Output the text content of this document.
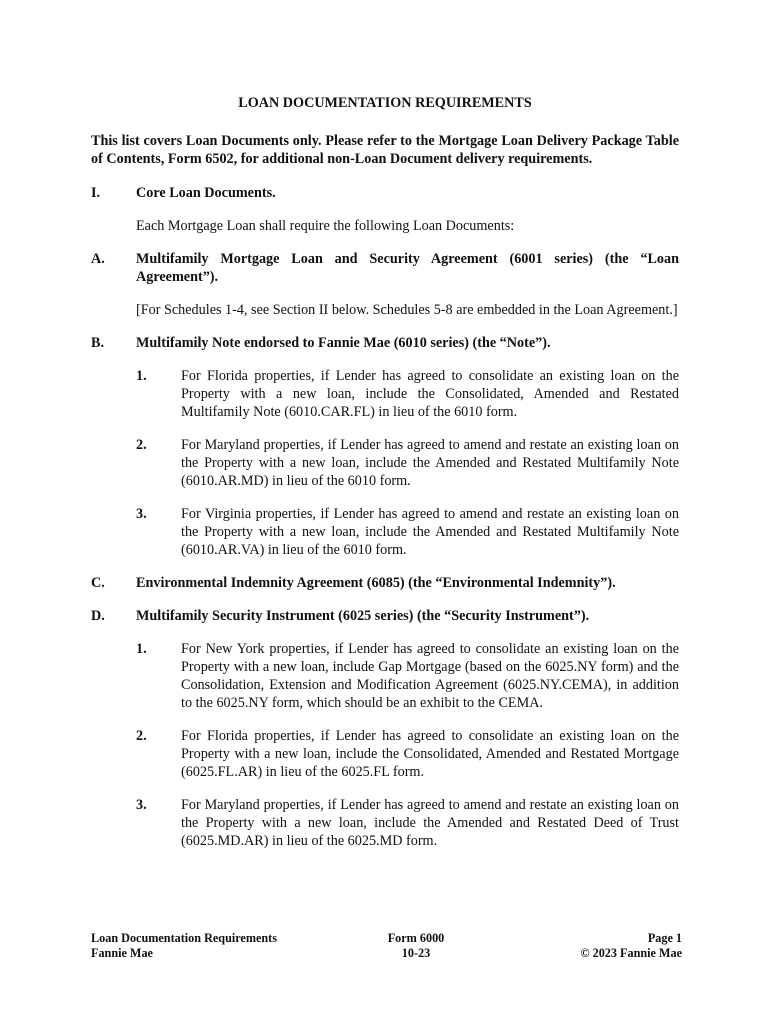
LOAN DOCUMENTATION REQUIREMENTS
This list covers Loan Documents only. Please refer to the Mortgage Loan Delivery Package Table of Contents, Form 6502, for additional non-Loan Document delivery requirements.
I.	Core Loan Documents.
Each Mortgage Loan shall require the following Loan Documents:
A. Multifamily Mortgage Loan and Security Agreement (6001 series) (the “Loan Agreement”).
[For Schedules 1-4, see Section II below. Schedules 5-8 are embedded in the Loan Agreement.]
B. Multifamily Note endorsed to Fannie Mae (6010 series) (the “Note”).
1. For Florida properties, if Lender has agreed to consolidate an existing loan on the Property with a new loan, include the Consolidated, Amended and Restated Multifamily Note (6010.CAR.FL) in lieu of the 6010 form.
2. For Maryland properties, if Lender has agreed to amend and restate an existing loan on the Property with a new loan, include the Amended and Restated Multifamily Note (6010.AR.MD) in lieu of the 6010 form.
3. For Virginia properties, if Lender has agreed to amend and restate an existing loan on the Property with a new loan, include the Amended and Restated Multifamily Note (6010.AR.VA) in lieu of the 6010 form.
C. Environmental Indemnity Agreement (6085) (the “Environmental Indemnity”).
D. Multifamily Security Instrument (6025 series) (the “Security Instrument”).
1. For New York properties, if Lender has agreed to consolidate an existing loan on the Property with a new loan, include Gap Mortgage (based on the 6025.NY form) and the Consolidation, Extension and Modification Agreement (6025.NY.CEMA), in addition to the 6025.NY form, which should be an exhibit to the CEMA.
2. For Florida properties, if Lender has agreed to consolidate an existing loan on the Property with a new loan, include the Consolidated, Amended and Restated Mortgage (6025.FL.AR) in lieu of the 6025.FL form.
3. For Maryland properties, if Lender has agreed to amend and restate an existing loan on the Property with a new loan, include the Amended and Restated Deed of Trust (6025.MD.AR) in lieu of the 6025.MD form.
Loan Documentation Requirements
Fannie Mae
Form 6000
10-23
Page 1
© 2023 Fannie Mae
